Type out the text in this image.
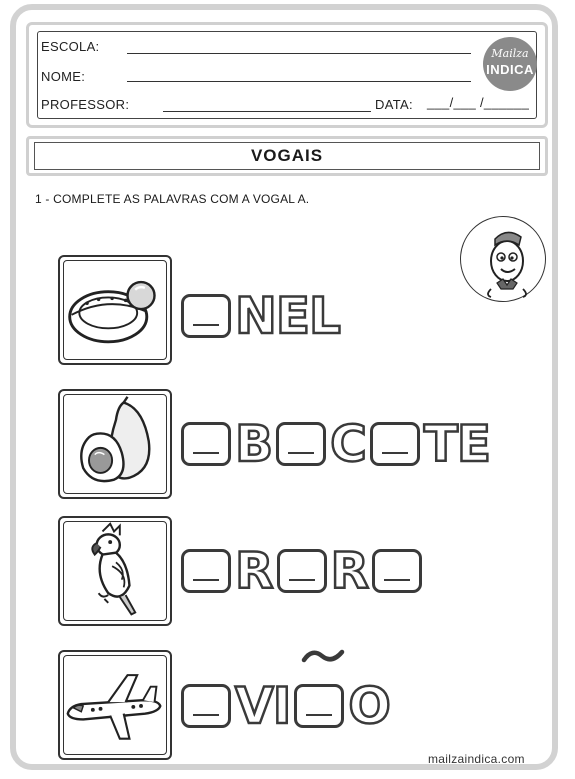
ESCOLA:
NOME:
PROFESSOR:	DATA: ___/___ /______
Mailza
INDICA
VOGAIS
1 - COMPLETE AS PALAVRAS COM A VOGAL A.
NEL
B C TE
R R
VI O
mailzaindica.com
